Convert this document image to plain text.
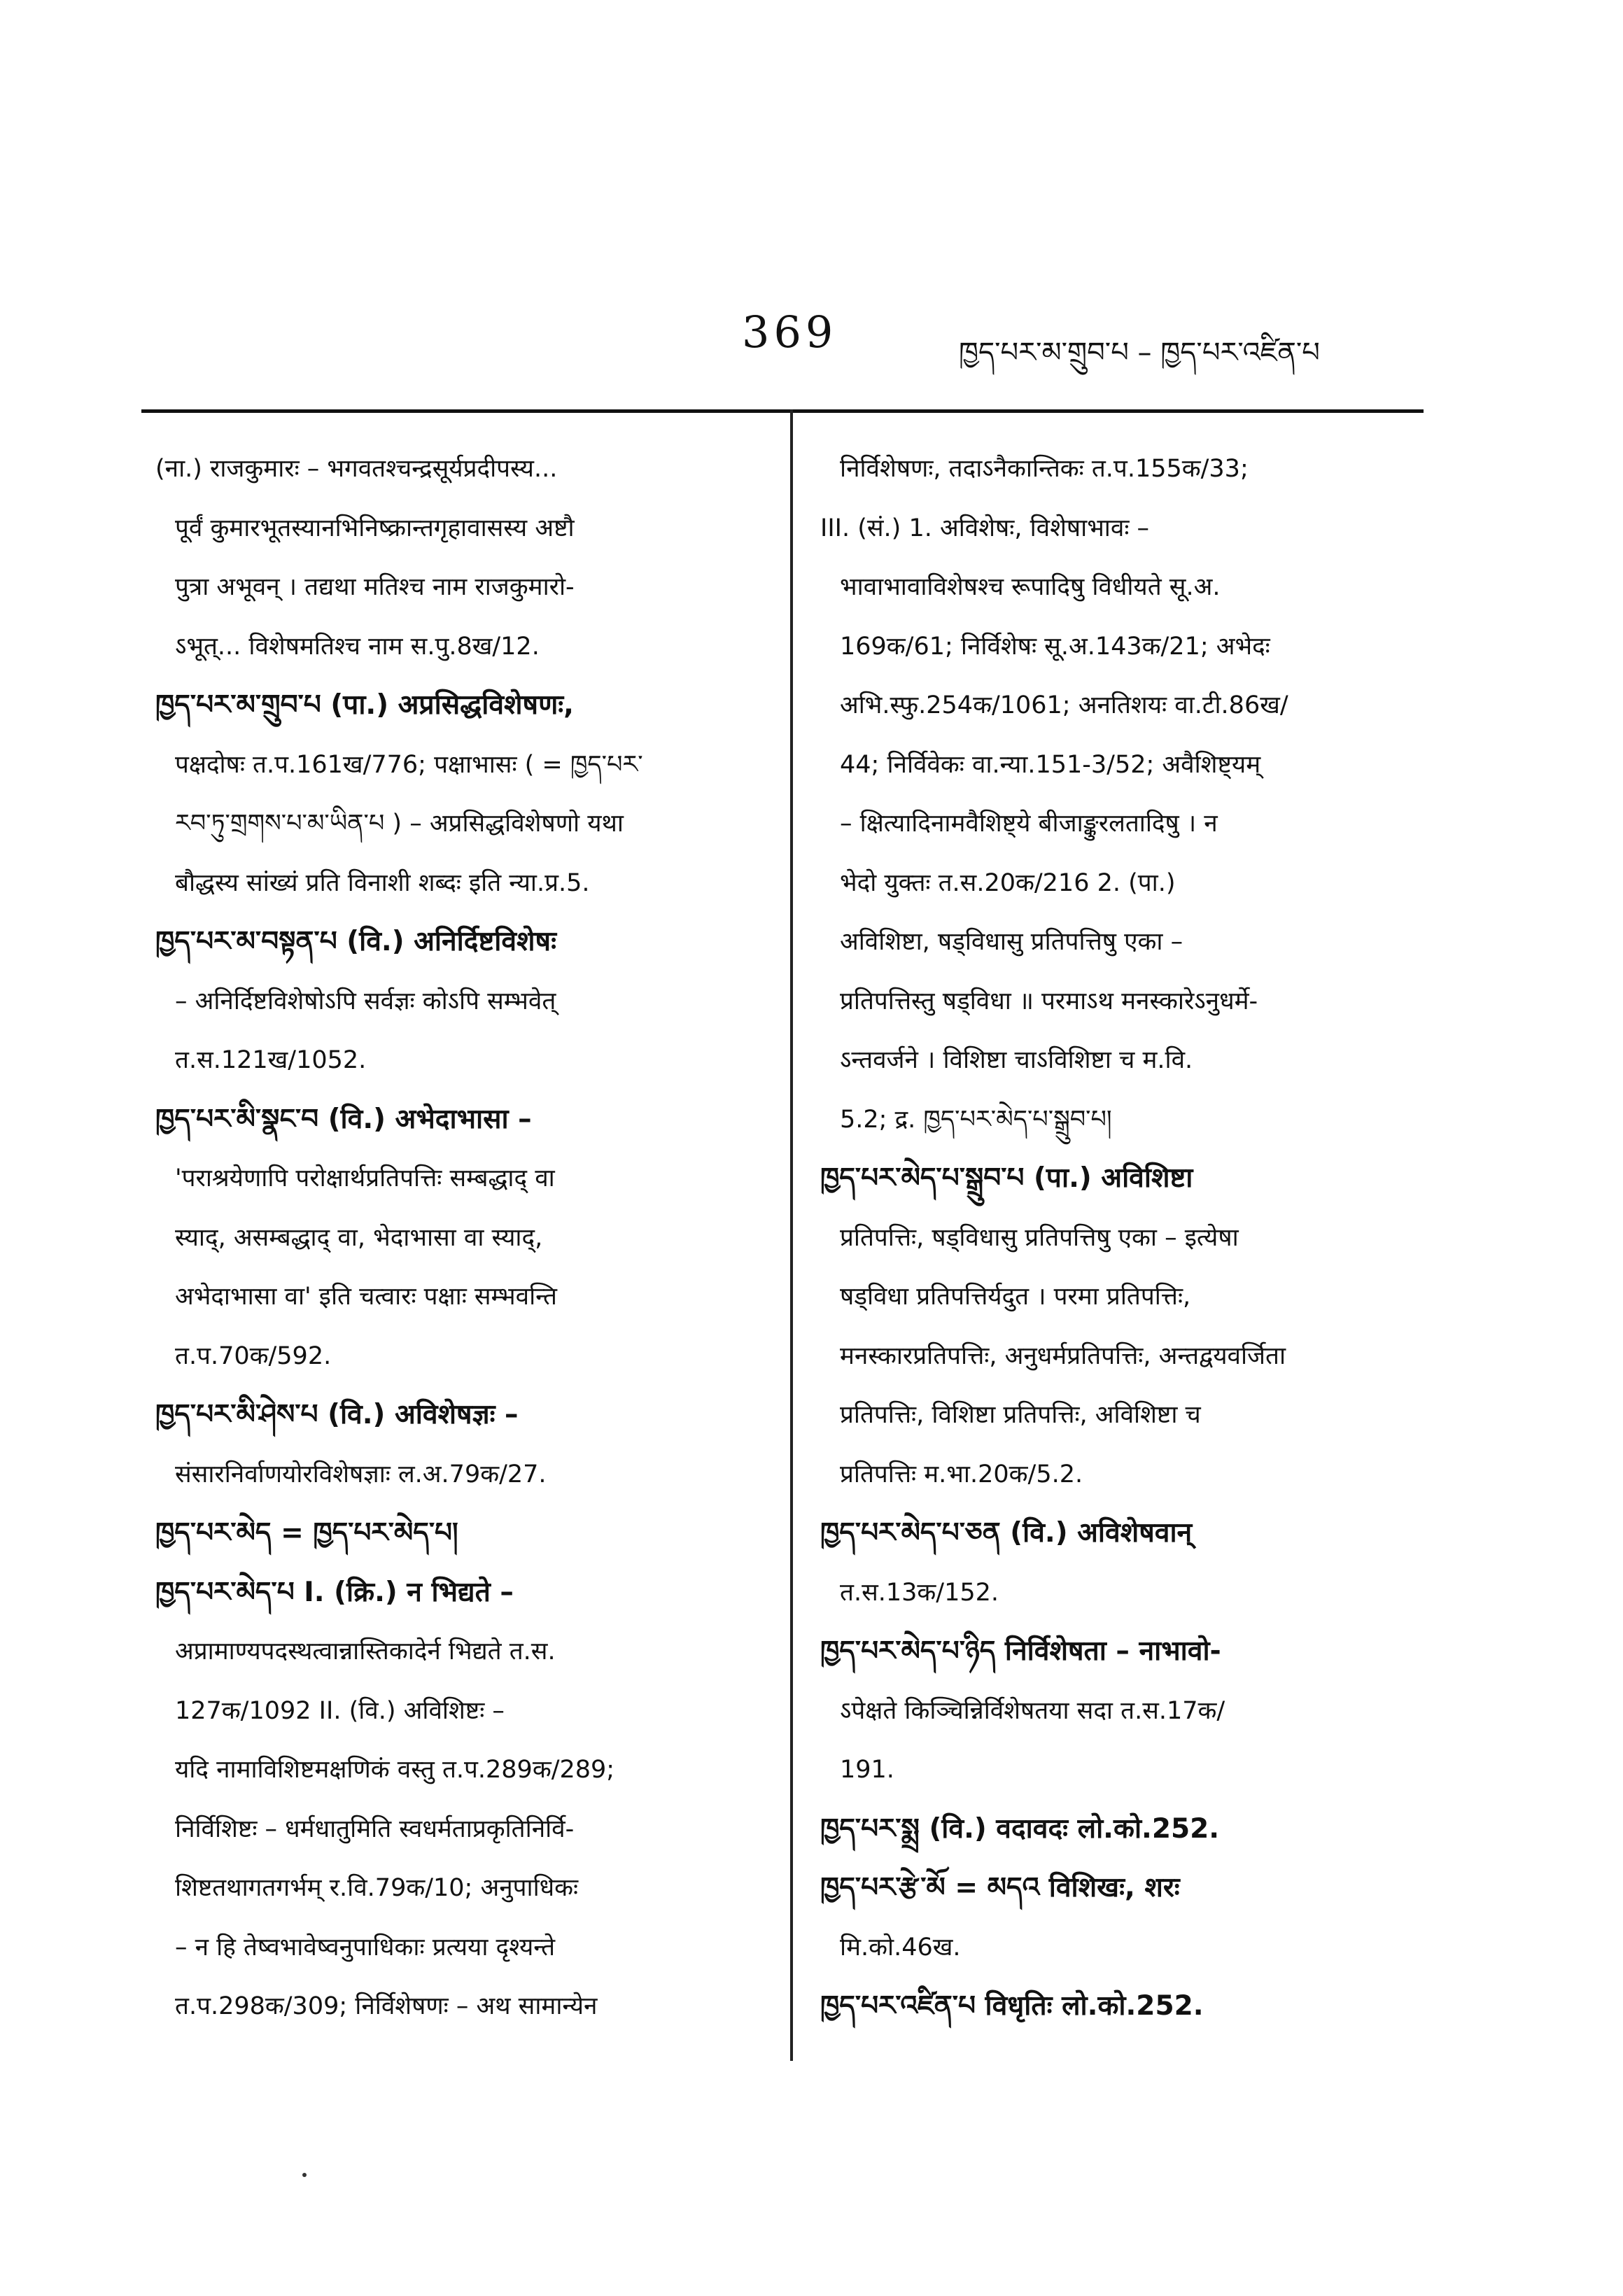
369	ཁྱད་པར་མ་གྲུབ་པ – ཁྱད་པར་འཛིན་པ
(ना.) राजकुमारः – भगवतश्चन्द्रसूर्यप्रदीपस्य...
पूर्वं कुमारभूतस्यानभिनिष्क्रान्तगृहावासस्य अष्टौ
पुत्रा अभूवन् । तद्यथा मतिश्च नाम राजकुमारो-
ऽभूत्... विशेषमतिश्च नाम स.पु.8ख/12.
ཁྱད་པར་མ་གྲུབ་པ (पा.) अप्रसिद्धविशेषणः,
पक्षदोषः त.प.161ख/776; पक्षाभासः ( = ཁྱད་པར་
རབ་ཏུ་གྲགས་པ་མ་ཡིན་པ ) – अप्रसिद्धविशेषणो यथा
बौद्धस्य सांख्यं प्रति विनाशी शब्दः इति न्या.प्र.5.
ཁྱད་པར་མ་བསྟན་པ (वि.) अनिर्दिष्टविशेषः
– अनिर्दिष्टविशेषोऽपि सर्वज्ञः कोऽपि सम्भवेत्
त.स.121ख/1052.
ཁྱད་པར་མི་སྣང་བ (वि.) अभेदाभासा –
'पराश्रयेणापि परोक्षार्थप्रतिपत्तिः सम्बद्धाद् वा
स्याद्, असम्बद्धाद् वा, भेदाभासा वा स्याद्,
अभेदाभासा वा' इति चत्वारः पक्षाः सम्भवन्ति
त.प.70क/592.
ཁྱད་པར་མི་ཤེས་པ (वि.) अविशेषज्ञः –
संसारनिर्वाणयोरविशेषज्ञाः ल.अ.79क/27.
ཁྱད་པར་མེད = ཁྱད་པར་མེད་པ།
ཁྱད་པར་མེད་པ I. (क्रि.) न भिद्यते –
अप्रामाण्यपदस्थत्वान्नास्तिकादेर्न भिद्यते त.स.
127क/1092 II. (वि.) अविशिष्टः –
यदि नामाविशिष्टमक्षणिकं वस्तु त.प.289क/289;
निर्विशिष्टः – धर्मधातुमिति स्वधर्मताप्रकृतिनिर्वि-
शिष्टतथागतगर्भम् र.वि.79क/10; अनुपाधिकः
– न हि तेष्वभावेष्वनुपाधिकाः प्रत्यया दृश्यन्ते
त.प.298क/309; निर्विशेषणः – अथ सामान्येन
निर्विशेषणः, तदाऽनैकान्तिकः त.प.155क/33;
III. (सं.) 1. अविशेषः, विशेषाभावः –
भावाभावाविशेषश्च रूपादिषु विधीयते सू.अ.
169क/61; निर्विशेषः सू.अ.143क/21; अभेदः
अभि.स्फु.254क/1061; अनतिशयः वा.टी.86ख/
44; निर्विवेकः वा.न्या.151-3/52; अवैशिष्ट्यम्
– क्षित्यादिनामवैशिष्ट्ये बीजाङ्कुरलतादिषु । न
भेदो युक्तः त.स.20क/216 2. (पा.)
अविशिष्टा, षड्विधासु प्रतिपत्तिषु एका –
प्रतिपत्तिस्तु षड्विधा ॥ परमाऽथ मनस्कारेऽनुधर्मे-
ऽन्तवर्जने । विशिष्टा चाऽविशिष्टा च म.वि.
5.2; द्र. ཁྱད་པར་མེད་པ་སྒྲུབ་པ།
ཁྱད་པར་མེད་པ་སྒྲུབ་པ (पा.) अविशिष्टा
प्रतिपत्तिः, षड्विधासु प्रतिपत्तिषु एका – इत्येषा
षड्विधा प्रतिपत्तिर्यदुत । परमा प्रतिपत्तिः,
मनस्कारप्रतिपत्तिः, अनुधर्मप्रतिपत्तिः, अन्तद्वयवर्जिता
प्रतिपत्तिः, विशिष्टा प्रतिपत्तिः, अविशिष्टा च
प्रतिपत्तिः म.भा.20क/5.2.
ཁྱད་པར་མེད་པ་ཅན (वि.) अविशेषवान्
त.स.13क/152.
ཁྱད་པར་མེད་པ་ཉིད निर्विशेषता – नाभावो-
ऽपेक्षते किञ्चिन्निर्विशेषतया सदा त.स.17क/
191.
ཁྱད་པར་སྨྲ (वि.) वदावदः लो.को.252.
ཁྱད་པར་རྩེ་མོ = མདའ विशिखः, शरः
मि.को.46ख.
ཁྱད་པར་འཛིན་པ विधृतिः लो.को.252.
